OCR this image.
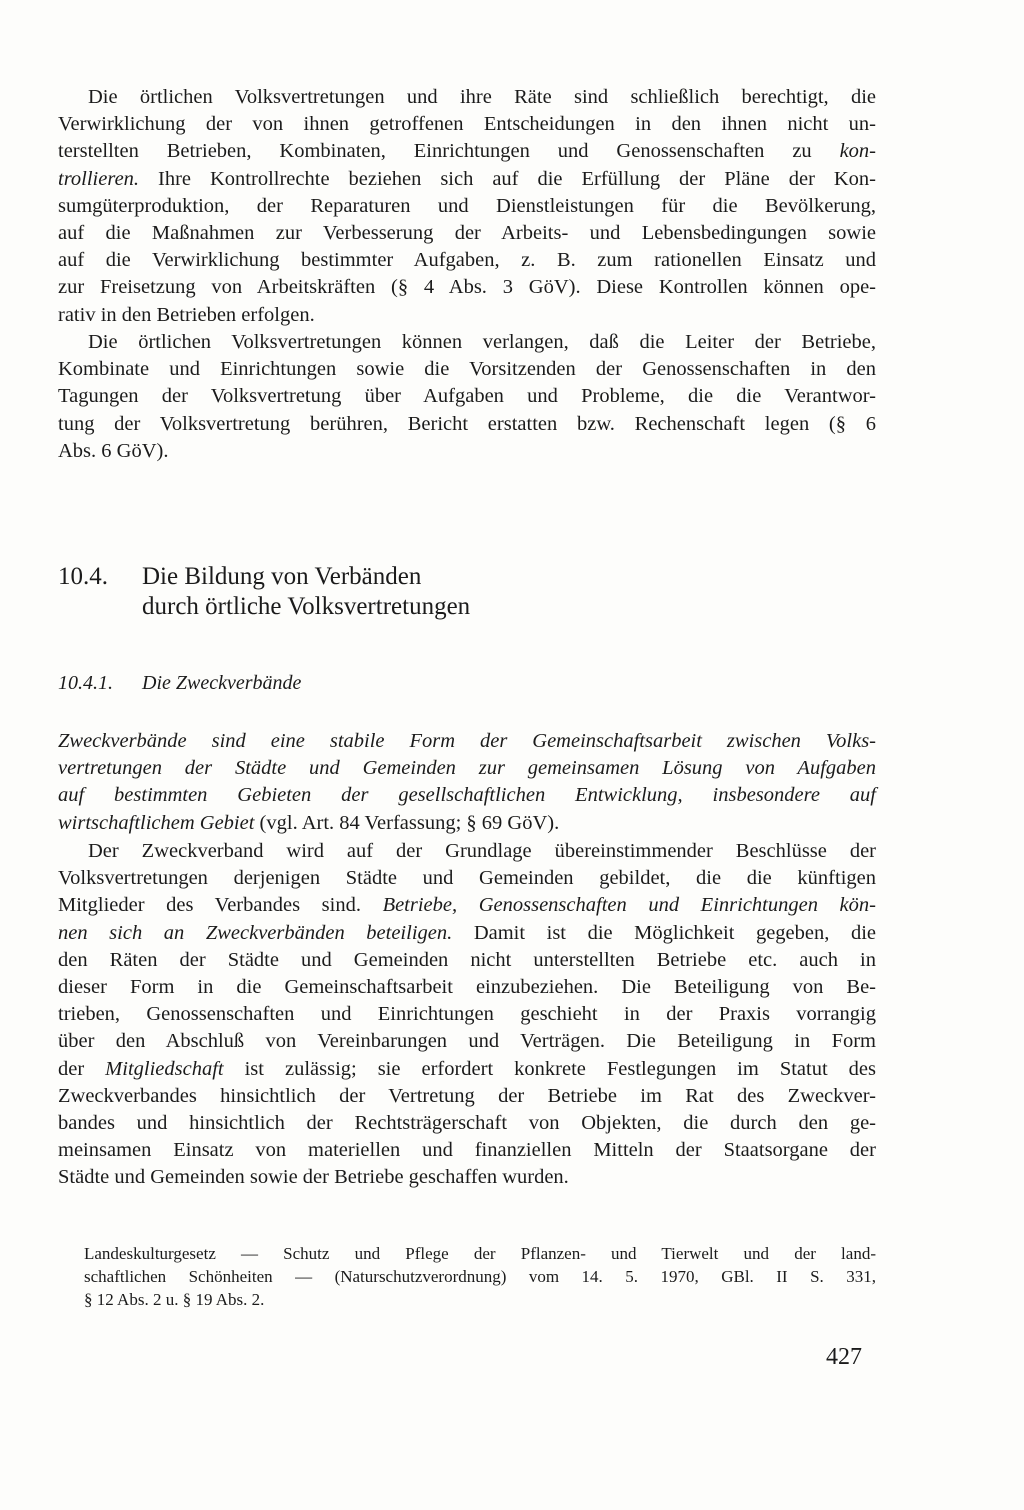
Die örtlichen Volksvertretungen und ihre Räte sind schließlich berechtigt, die
Verwirklichung der von ihnen getroffenen Entscheidungen in den ihnen nicht un-
terstellten Betrieben, Kombinaten, Einrichtungen und Genossenschaften zu kon-
trollieren. Ihre Kontrollrechte beziehen sich auf die Erfüllung der Pläne der Kon-
sumgüterproduktion, der Reparaturen und Dienstleistungen für die Bevölkerung,
auf die Maßnahmen zur Verbesserung der Arbeits- und Lebensbedingungen sowie
auf die Verwirklichung bestimmter Aufgaben, z. B. zum rationellen Einsatz und
zur Freisetzung von Arbeitskräften (§ 4 Abs. 3 GöV). Diese Kontrollen können ope-
rativ in den Betrieben erfolgen.
Die örtlichen Volksvertretungen können verlangen, daß die Leiter der Betriebe,
Kombinate und Einrichtungen sowie die Vorsitzenden der Genossenschaften in den
Tagungen der Volksvertretung über Aufgaben und Probleme, die die Verantwor-
tung der Volksvertretung berühren, Bericht erstatten bzw. Rechenschaft legen (§ 6
Abs. 6 GöV).
10.4. Die Bildung von Verbänden
durch örtliche Volksvertretungen
10.4.1. Die Zweckverbände
Zweckverbände sind eine stabile Form der Gemeinschaftsarbeit zwischen Volks-
vertretungen der Städte und Gemeinden zur gemeinsamen Lösung von Aufgaben
auf bestimmten Gebieten der gesellschaftlichen Entwicklung, insbesondere auf
wirtschaftlichem Gebiet (vgl. Art. 84 Verfassung; § 69 GöV).
Der Zweckverband wird auf der Grundlage übereinstimmender Beschlüsse der
Volksvertretungen derjenigen Städte und Gemeinden gebildet, die die künftigen
Mitglieder des Verbandes sind. Betriebe, Genossenschaften und Einrichtungen kön-
nen sich an Zweckverbänden beteiligen. Damit ist die Möglichkeit gegeben, die
den Räten der Städte und Gemeinden nicht unterstellten Betriebe etc. auch in
dieser Form in die Gemeinschaftsarbeit einzubeziehen. Die Beteiligung von Be-
trieben, Genossenschaften und Einrichtungen geschieht in der Praxis vorrangig
über den Abschluß von Vereinbarungen und Verträgen. Die Beteiligung in Form
der Mitgliedschaft ist zulässig; sie erfordert konkrete Festlegungen im Statut des
Zweckverbandes hinsichtlich der Vertretung der Betriebe im Rat des Zweckver-
bandes und hinsichtlich der Rechtsträgerschaft von Objekten, die durch den ge-
meinsamen Einsatz von materiellen und finanziellen Mitteln der Staatsorgane der
Städte und Gemeinden sowie der Betriebe geschaffen wurden.
Landeskulturgesetz — Schutz und Pflege der Pflanzen- und Tierwelt und der land-
schaftlichen Schönheiten — (Naturschutzverordnung) vom 14. 5. 1970, GBl. II S. 331,
§ 12 Abs. 2 u. § 19 Abs. 2.
427
